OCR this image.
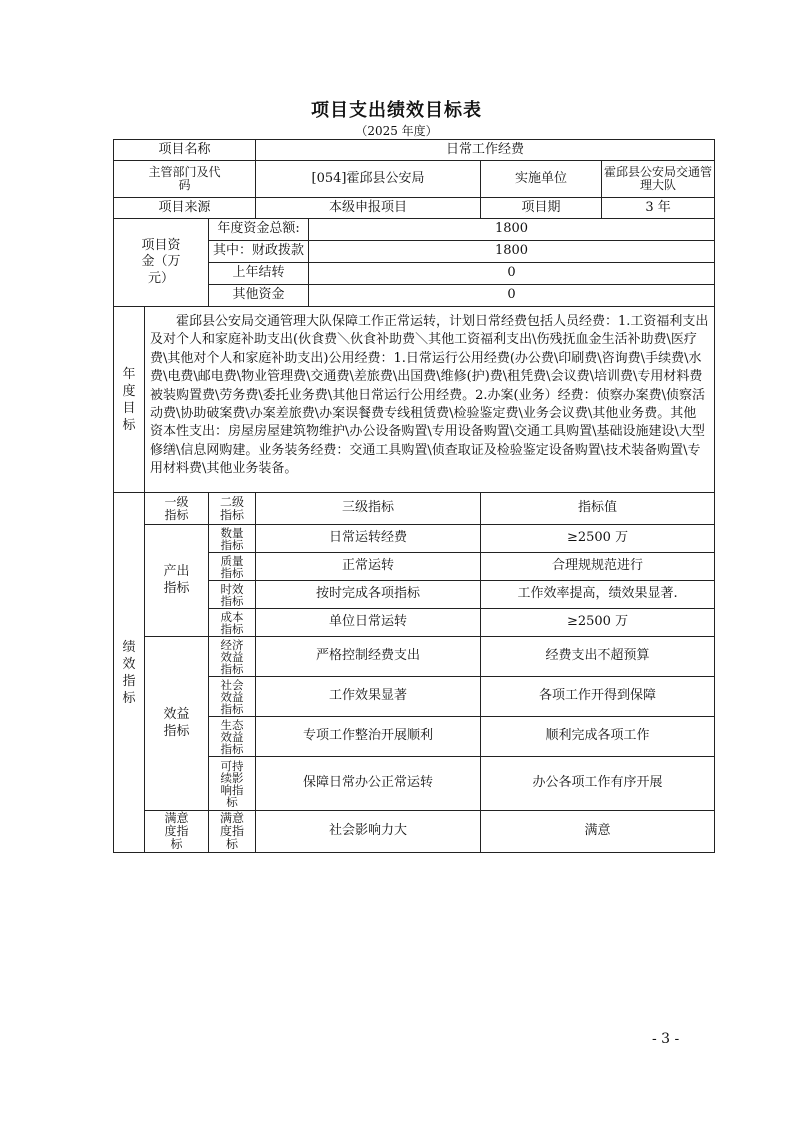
项目支出绩效目标表
（2025 年度）
项目名称			日常工作经费			
主管部门及代码			[054]霍邱县公安局		实施单位	霍邱县公安局交通管理大队
项目来源			本级申报项目		项目期	3 年
项目资金（万元）		年度资金总额:		1800		
		其中：财政拨款		1800		
		上年结转		0		
		其他资金		0		
年度目标	霍邱县公安局交通管理大队保障工作正常运转，计划日常经费包括人员经费：1.工资福利支出及对个人和家庭补助支出(伙食费＼伙食补助费＼其他工资福利支出\伤残抚血金生活补助费\医疗费\其他对个人和家庭补助支出)公用经费：1.日常运行公用经费(办公费\印刷费\咨询费\手续费\水费\电费\邮电费\物业管理费\交通费\差旅费\出国费\维修(护)费\租凭费\会议费\培训费\专用材料费被装购置费\劳务费\委托业务费\其他日常运行公用经费。2.办案(业务）经费：侦察办案费\侦察活动费\协助破案费\办案差旅费\办案误餐费专线租赁费\检验鉴定费\业务会议费\其他业务费。其他资本性支出：房屋房屋建筑物维护\办公设备购置\专用设备购置\交通工具购置\基础设施建设\大型修缮\信息网购建。业务装务经费：交通工具购置\侦查取证及检验鉴定设备购置\技术装备购置\专用材料费\其他业务装备。					
绩效指标	一级指标	二级指标	三级指标		指标值	
	产出指标	数量指标	日常运转经费		≥2500 万	
		质量指标	正常运转		合理规规范进行	
		时效指标	按时完成各项指标		工作效率提高，绩效果显著.	
		成本指标	单位日常运转		≥2500 万	
	效益指标	经济效益指标	严格控制经费支出		经费支出不超预算	
		社会效益指标	工作效果显著		各项工作开得到保障	
		生态效益指标	专项工作整治开展顺利		顺利完成各项工作	
		可持续影响指标	保障日常办公正常运转		办公各项工作有序开展	
	满意度指标	满意度指标	社会影响力大		满意	
- 3 -
